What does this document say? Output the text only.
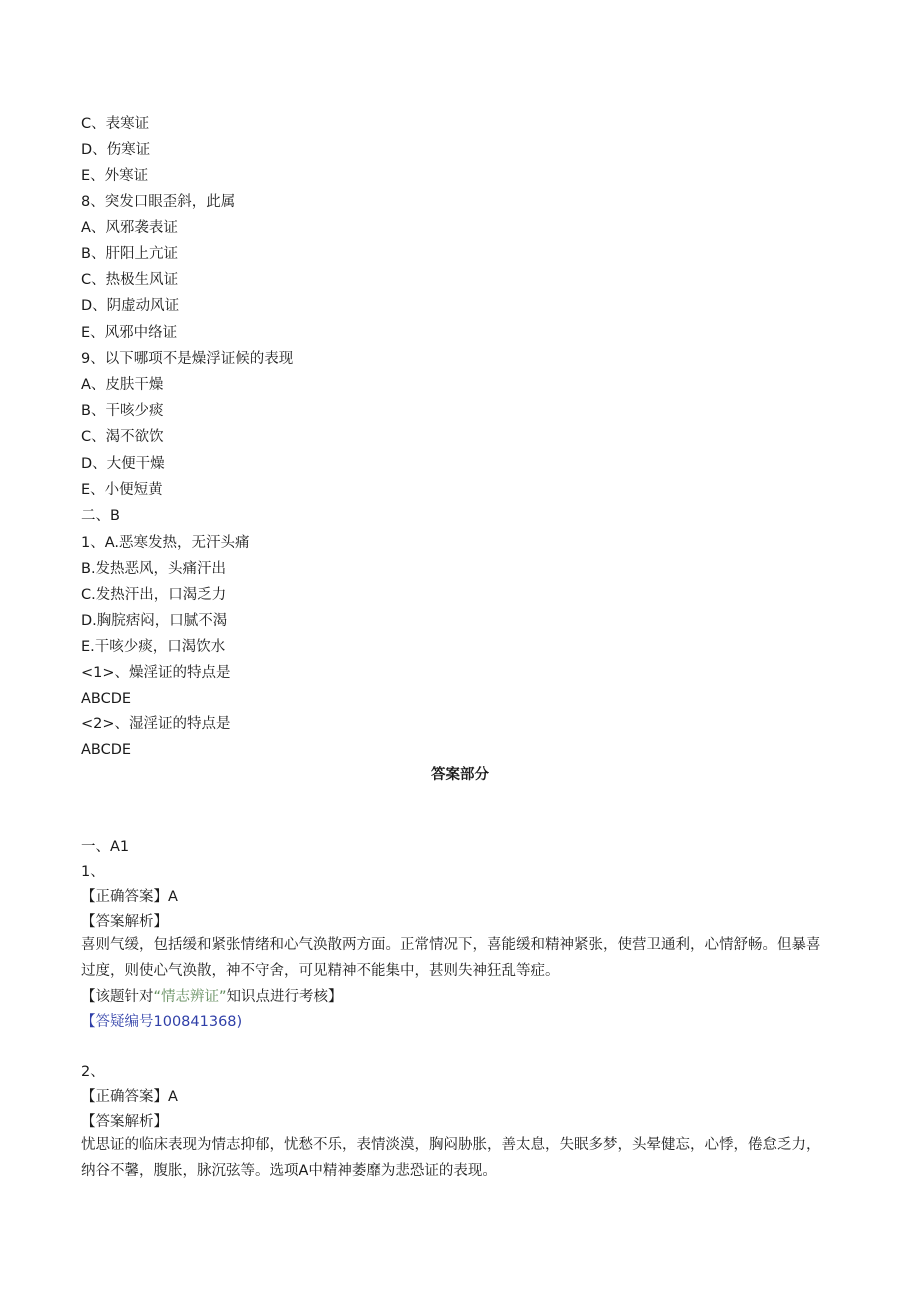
C、表寒证
D、伤寒证
E、外寒证
8、突发口眼歪斜，此属
A、风邪袭表证
B、肝阳上亢证
C、热极生风证
D、阴虚动风证
E、风邪中络证
9、以下哪项不是燥浮证候的表现
A、皮肤干燥
B、干咳少痰
C、渴不欲饮
D、大便干燥
E、小便短黄
二、B
1、A.恶寒发热，无汗头痛
B.发热恶风，头痛汗出
C.发热汗出，口渴乏力
D.胸脘痞闷，口腻不渴
E.干咳少痰，口渴饮水
<1>、燥淫证的特点是
ABCDE
<2>、湿淫证的特点是
ABCDE
答案部分
一、A1
1、
【正确答案】A
【答案解析】
喜则气缓，包括缓和紧张情绪和心气涣散两方面。正常情况下，喜能缓和精神紧张，使营卫通利，心情舒畅。但暴喜过度，则使心气涣散，神不守舍，可见精神不能集中，甚则失神狂乱等症。
【该题针对“情志辨证”知识点进行考核】
【答疑编号100841368)
2、
【正确答案】A
【答案解析】
忧思证的临床表现为情志抑郁，忧愁不乐，表情淡漠，胸闷胁胀，善太息，失眠多梦，头晕健忘，心悸，倦怠乏力，纳谷不馨，腹胀，脉沉弦等。选项A中精神萎靡为悲恐证的表现。
